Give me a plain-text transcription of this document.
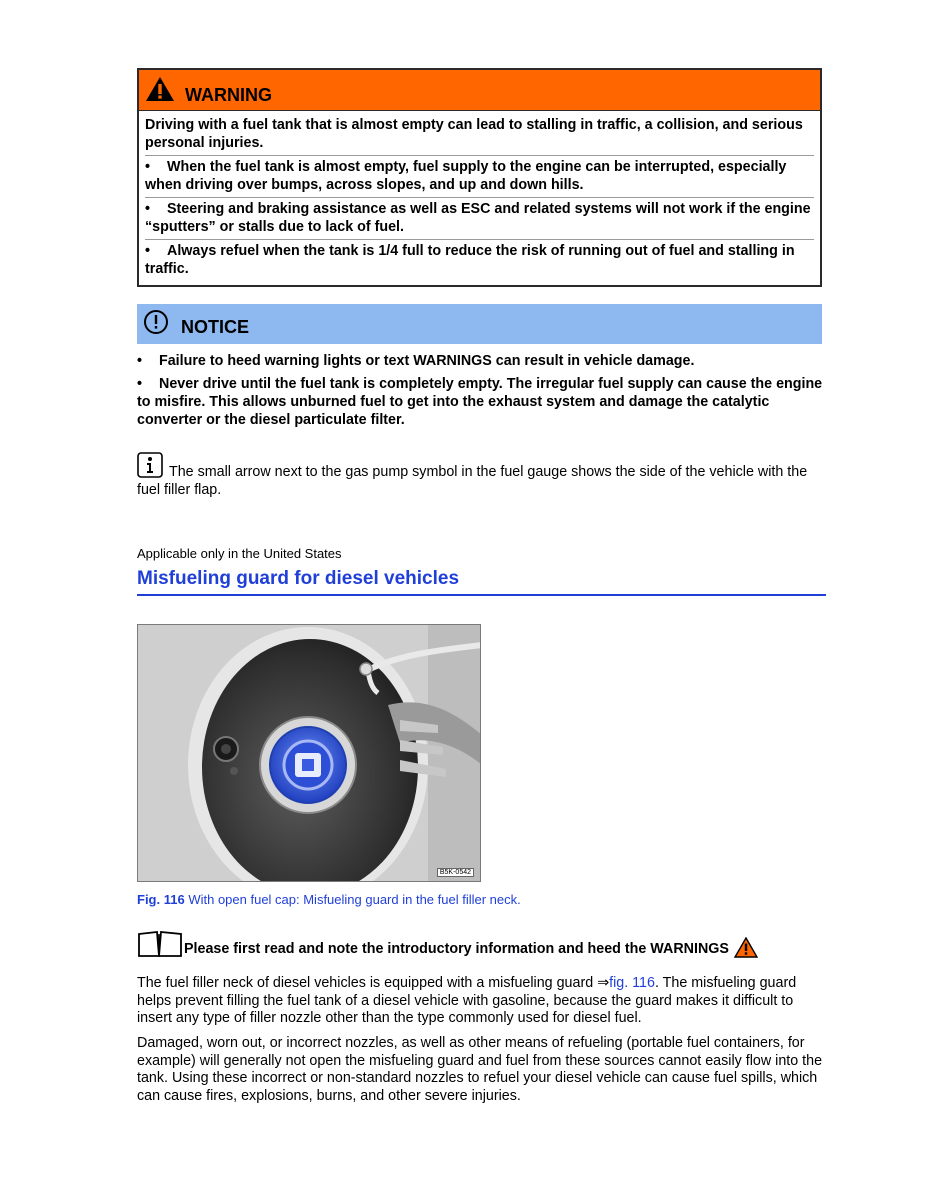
WARNING
Driving with a fuel tank that is almost empty can lead to stalling in traffic, a collision, and serious personal injuries.
• When the fuel tank is almost empty, fuel supply to the engine can be interrupted, especially when driving over bumps, across slopes, and up and down hills.
• Steering and braking assistance as well as ESC and related systems will not work if the engine “sputters” or stalls due to lack of fuel.
• Always refuel when the tank is 1/4 full to reduce the risk of running out of fuel and stalling in traffic.
NOTICE
• Failure to heed warning lights or text WARNINGS can result in vehicle damage.
• Never drive until the fuel tank is completely empty. The irregular fuel supply can cause the engine to misfire. This allows unburned fuel to get into the exhaust system and damage the catalytic converter or the diesel particulate filter.
The small arrow next to the gas pump symbol in the fuel gauge shows the side of the vehicle with the fuel filler flap.
Applicable only in the United States
Misfueling guard for diesel vehicles
B5K-0542
Fig. 116 With open fuel cap: Misfueling guard in the fuel filler neck.
Please first read and note the introductory information and heed the WARNINGS
The fuel filler neck of diesel vehicles is equipped with a misfueling guard ⇒fig. 116. The misfueling guard helps prevent filling the fuel tank of a diesel vehicle with gasoline, because the guard makes it difficult to insert any type of filler nozzle other than the type commonly used for diesel fuel.
Damaged, worn out, or incorrect nozzles, as well as other means of refueling (portable fuel containers, for example) will generally not open the misfueling guard and fuel from these sources cannot easily flow into the tank. Using these incorrect or non-standard nozzles to refuel your diesel vehicle can cause fuel spills, which can cause fires, explosions, burns, and other severe injuries.
